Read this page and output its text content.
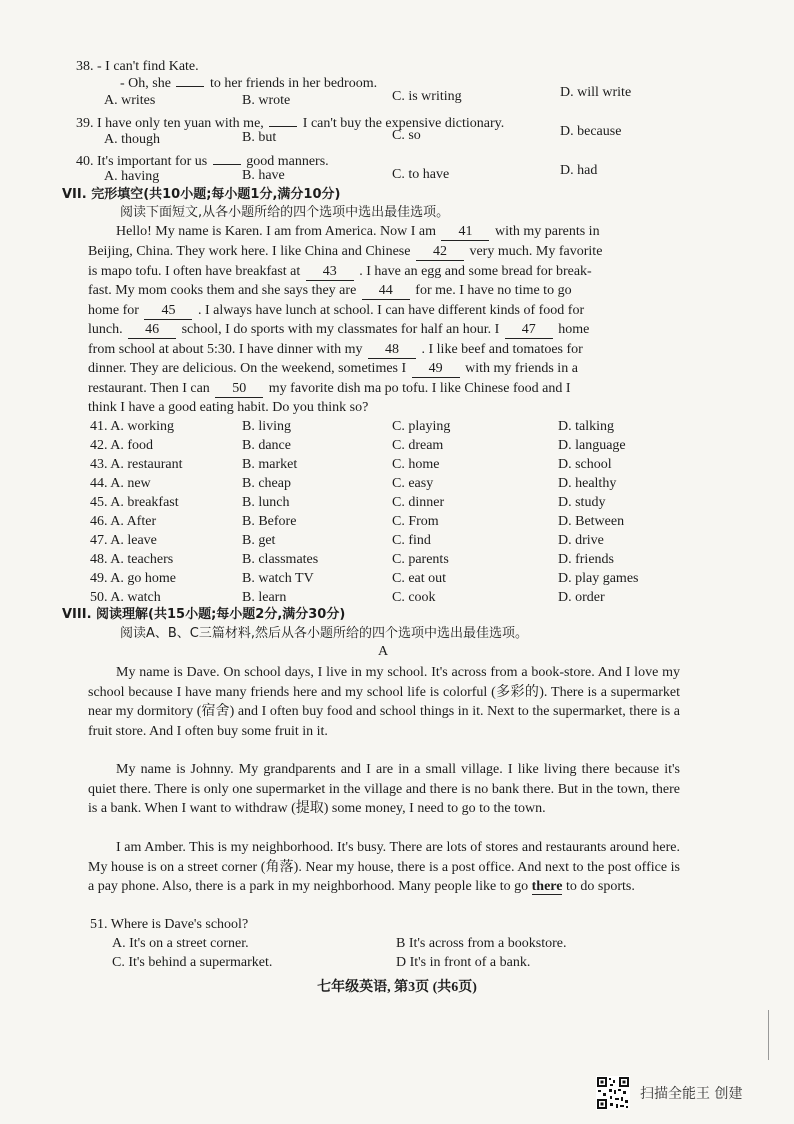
38. - I can't find Kate.
- Oh, she	to her friends in her bedroom.
A. writes	B. wrote	C. is writing	D. will write
39. I have only ten yuan with me,	I can't buy the expensive dictionary.
A. though	B. but	C. so	D. because
40. It's important for us	good manners.
A. having	B. have	C. to have	D. had
VII. 完形填空(共10小题;每小题1分,满分10分)
阅读下面短文,从各小题所给的四个选项中选出最佳选项。
Hello! My name is Karen. I am from America. Now I am 41 with my parents in
Beijing, China. They work here. I like China and Chinese 42 very much. My favorite
is mapo tofu. I often have breakfast at 43 . I have an egg and some bread for break-
fast. My mom cooks them and she says they are 44 for me. I have no time to go
home for 45 . I always have lunch at school. I can have different kinds of food for
lunch. 46 school, I do sports with my classmates for half an hour. I 47 home
from school at about 5:30. I have dinner with my 48 . I like beef and tomatoes for
dinner. They are delicious. On the weekend, sometimes I 49 with my friends in a
restaurant. Then I can 50 my favorite dish ma po tofu. I like Chinese food and I
think I have a good eating habit. Do you think so?
41. A. working	B. living	C. playing	D. talking
42. A. food	B. dance	C. dream	D. language
43. A. restaurant	B. market	C. home	D. school
44. A. new	B. cheap	C. easy	D. healthy
45. A. breakfast	B. lunch	C. dinner	D. study
46. A. After	B. Before	C. From	D. Between
47. A. leave	B. get	C. find	D. drive
48. A. teachers	B. classmates	C. parents	D. friends
49. A. go home	B. watch TV	C. eat out	D. play games
50. A. watch	B. learn	C. cook	D. order
VIII. 阅读理解(共15小题;每小题2分,满分30分)
阅读A、B、C三篇材料,然后从各小题所给的四个选项中选出最佳选项。
A
My name is Dave. On school days, I live in my school. It's across from a book-store. And I love my school because I have many friends here and my school life is colorful (多彩的). There is a supermarket near my dormitory (宿舍) and I often buy food and school things in it. Next to the supermarket, there is a fruit store. And I often buy some fruit in it.
My name is Johnny. My grandparents and I are in a small village. I like living there because it's quiet there. There is only one supermarket in the village and there is no bank there. But in the town, there is a bank. When I want to withdraw (提取) some money, I need to go to the town.
I am Amber. This is my neighborhood. It's busy. There are lots of stores and restaurants around here. My house is on a street corner (角落). Near my house, there is a post office. And next to the post office is a pay phone. Also, there is a park in my neighborhood. Many people like to go there to do sports.
51. Where is Dave's school?
A. It's on a street corner.	B It's across from a bookstore.
C. It's behind a supermarket.	D It's in front of a bank.
七年级英语, 第3页 (共6页)
扫描全能王 创建
